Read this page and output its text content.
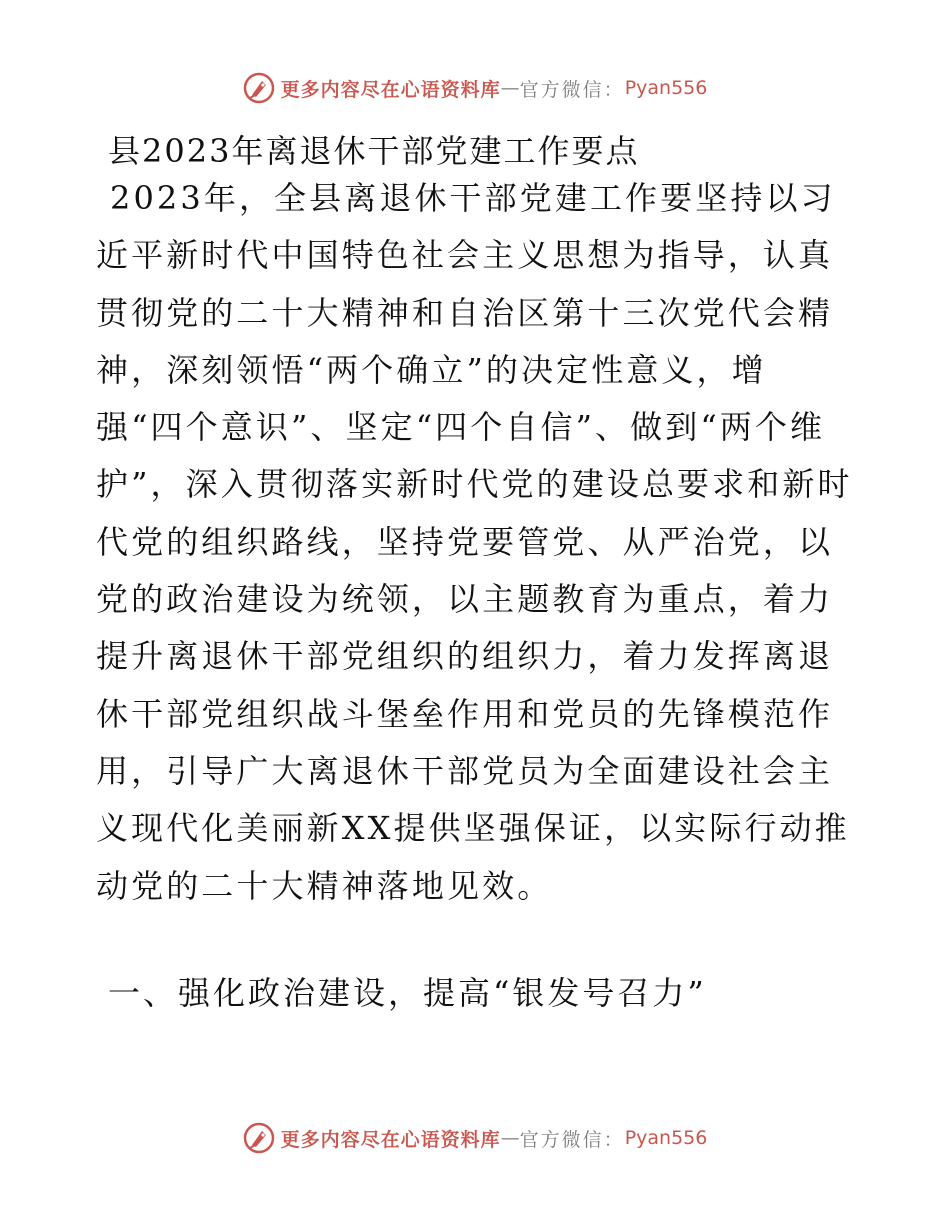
更多内容尽在心语资料库 — 官方微信： Pyan556
县2023年离退休干部党建工作要点

2023年，全县离退休干部党建工作要坚持以习近平新时代中国特色社会主义思想为指导，认真贯彻党的二十大精神和自治区第十三次党代会精神，深刻领悟“两个确立”的决定性意义，增强“四个意识”、坚定“四个自信”、做到“两个维护”，深入贯彻落实新时代党的建设总要求和新时代党的组织路线，坚持党要管党、从严治党，以党的政治建设为统领，以主题教育为重点，着力提升离退休干部党组织的组织力，着力发挥离退休干部党组织战斗堡垒作用和党员的先锋模范作用，引导广大离退休干部党员为全面建设社会主义现代化美丽新XX提供坚强保证，以实际行动推动党的二十大精神落地见效。

一、强化政治建设，提高“银发号召力”
更多内容尽在心语资料库 — 官方微信： Pyan556
